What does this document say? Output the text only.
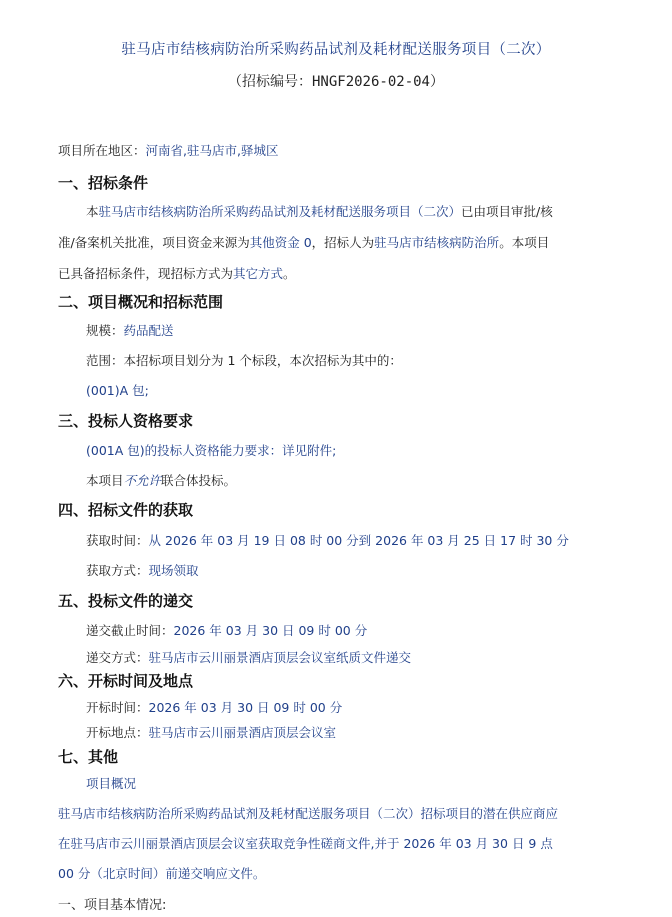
驻马店市结核病防治所采购药品试剂及耗材配送服务项目（二次）
（招标编号：HNGF2026-02-04）
项目所在地区：河南省,驻马店市,驿城区
一、招标条件
本驻马店市结核病防治所采购药品试剂及耗材配送服务项目（二次）已由项目审批/核
准/备案机关批准，项目资金来源为其他资金 0，招标人为驻马店市结核病防治所。本项目
已具备招标条件，现招标方式为其它方式。
二、项目概况和招标范围
规模：药品配送
范围：本招标项目划分为 1 个标段，本次招标为其中的：
(001)A 包;
三、投标人资格要求
(001A 包)的投标人资格能力要求：详见附件;
本项目不允许联合体投标。
四、招标文件的获取
获取时间：从 2026 年 03 月 19 日 08 时 00 分到 2026 年 03 月 25 日 17 时 30 分
获取方式：现场领取
五、投标文件的递交
递交截止时间：2026 年 03 月 30 日 09 时 00 分
递交方式：驻马店市云川丽景酒店顶层会议室纸质文件递交
六、开标时间及地点
开标时间：2026 年 03 月 30 日 09 时 00 分
开标地点：驻马店市云川丽景酒店顶层会议室
七、其他
项目概况
驻马店市结核病防治所采购药品试剂及耗材配送服务项目（二次）招标项目的潜在供应商应
在驻马店市云川丽景酒店顶层会议室获取竞争性磋商文件,并于 2026 年 03 月 30 日 9 点
00 分（北京时间）前递交响应文件。
一、项目基本情况:
